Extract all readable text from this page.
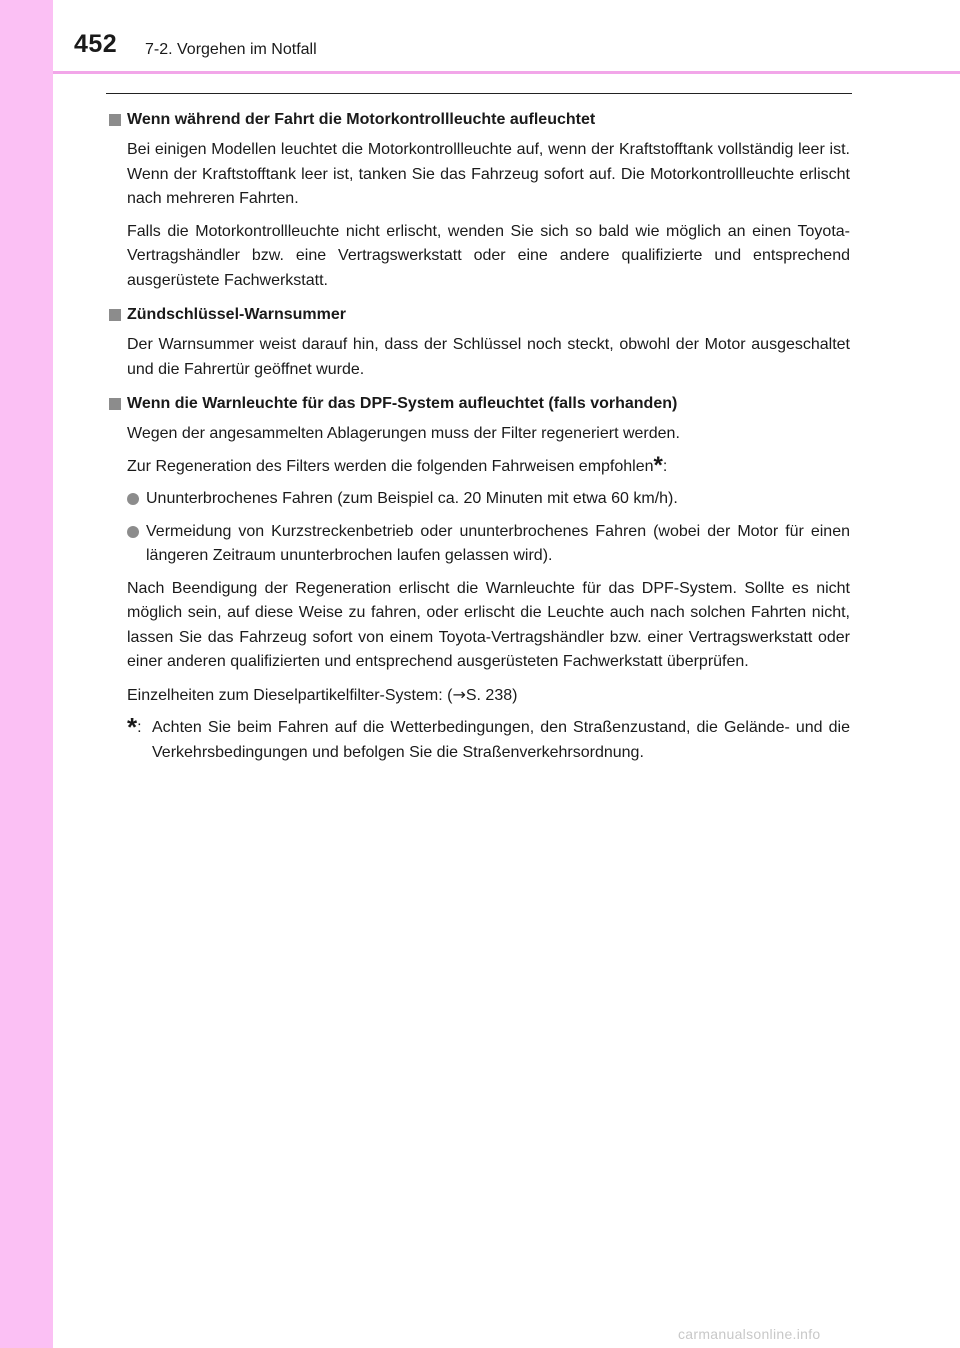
452 7-2. Vorgehen im Notfall
Wenn während der Fahrt die Motorkontrollleuchte aufleuchtet

Bei einigen Modellen leuchtet die Motorkontrollleuchte auf, wenn der Kraftstofftank vollständig leer ist. Wenn der Kraftstofftank leer ist, tanken Sie das Fahrzeug sofort auf. Die Motorkontrollleuchte erlischt nach mehreren Fahrten.

Falls die Motorkontrollleuchte nicht erlischt, wenden Sie sich so bald wie möglich an einen Toyota-Vertragshändler bzw. eine Vertragswerkstatt oder eine andere qualifizierte und entsprechend ausgerüstete Fachwerkstatt.

Zündschlüssel-Warnsummer

Der Warnsummer weist darauf hin, dass der Schlüssel noch steckt, obwohl der Motor ausgeschaltet und die Fahrertür geöffnet wurde.

Wenn die Warnleuchte für das DPF-System aufleuchtet (falls vorhanden)

Wegen der angesammelten Ablagerungen muss der Filter regeneriert werden.

Zur Regeneration des Filters werden die folgenden Fahrweisen empfohlen*:

Ununterbrochenes Fahren (zum Beispiel ca. 20 Minuten mit etwa 60 km/h).
Vermeidung von Kurzstreckenbetrieb oder ununterbrochenes Fahren (wobei der Motor für einen längeren Zeitraum ununterbrochen laufen gelassen wird).

Nach Beendigung der Regeneration erlischt die Warnleuchte für das DPF-System. Sollte es nicht möglich sein, auf diese Weise zu fahren, oder erlischt die Leuchte auch nach solchen Fahrten nicht, lassen Sie das Fahrzeug sofort von einem Toyota-Vertragshändler bzw. einer Vertragswerkstatt oder einer anderen qualifizierten und entsprechend ausgerüsteten Fachwerkstatt überprüfen.

Einzelheiten zum Dieselpartikelfilter-System: (→S. 238)

*: Achten Sie beim Fahren auf die Wetterbedingungen, den Straßenzustand, die Gelände- und die Verkehrsbedingungen und befolgen Sie die Straßenverkehrsordnung.
carmanualsonline.info
